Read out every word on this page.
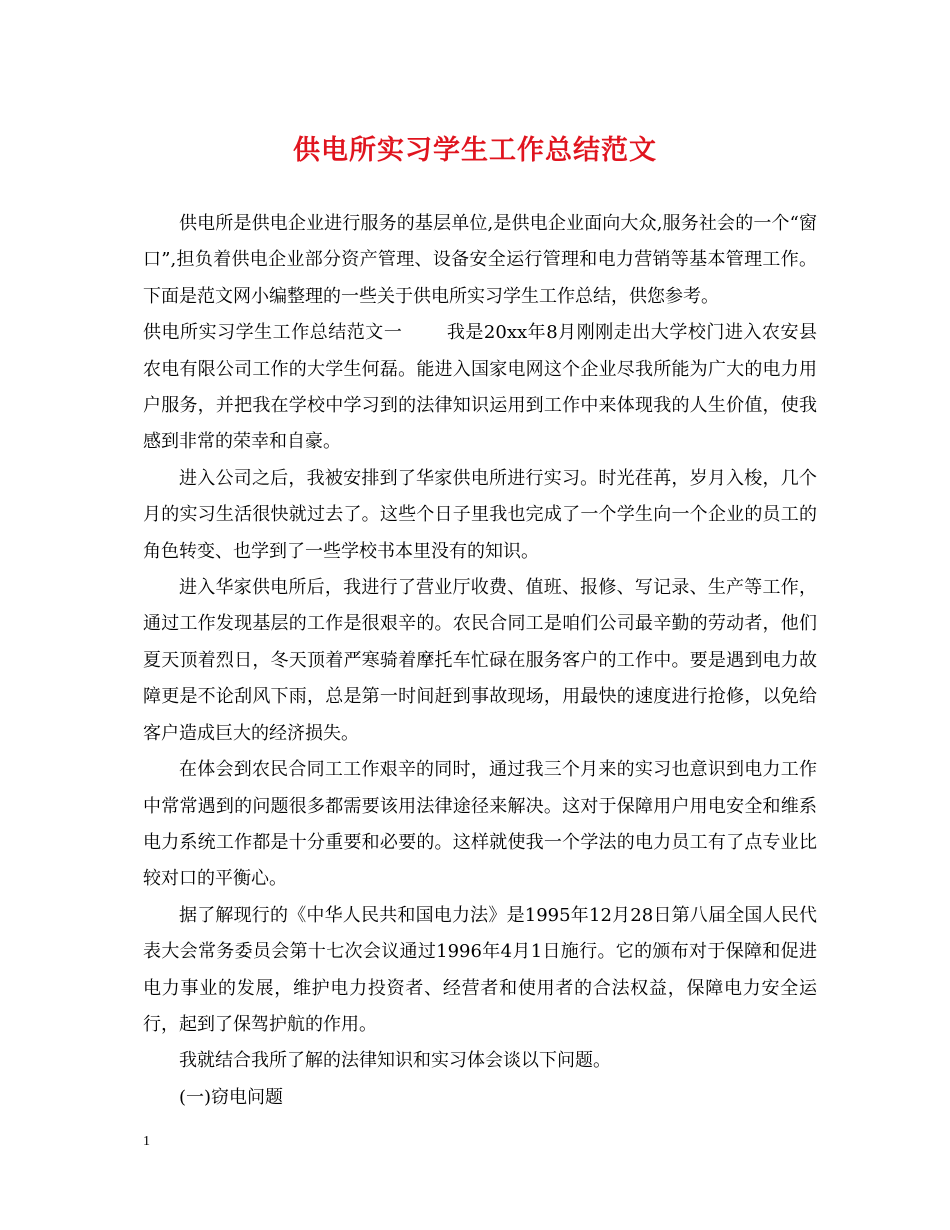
供电所实习学生工作总结范文

供电所是供电企业进行服务的基层单位,是供电企业面向大众,服务社会的一个“窗口”,担负着供电企业部分资产管理、设备安全运行管理和电力营销等基本管理工作。下面是范文网小编整理的一些关于供电所实习学生工作总结，供您参考。

供电所实习学生工作总结范文一 我是20xx年8月刚刚走出大学校门进入农安县农电有限公司工作的大学生何磊。能进入国家电网这个企业尽我所能为广大的电力用户服务，并把我在学校中学习到的法律知识运用到工作中来体现我的人生价值，使我感到非常的荣幸和自豪。

进入公司之后，我被安排到了华家供电所进行实习。时光荏苒，岁月入梭，几个月的实习生活很快就过去了。这些个日子里我也完成了一个学生向一个企业的员工的角色转变、也学到了一些学校书本里没有的知识。

进入华家供电所后，我进行了营业厅收费、值班、报修、写记录、生产等工作，通过工作发现基层的工作是很艰辛的。农民合同工是咱们公司最辛勤的劳动者，他们夏天顶着烈日，冬天顶着严寒骑着摩托车忙碌在服务客户的工作中。要是遇到电力故障更是不论刮风下雨，总是第一时间赶到事故现场，用最快的速度进行抢修，以免给客户造成巨大的经济损失。

在体会到农民合同工工作艰辛的同时，通过我三个月来的实习也意识到电力工作中常常遇到的问题很多都需要该用法律途径来解决。这对于保障用户用电安全和维系电力系统工作都是十分重要和必要的。这样就使我一个学法的电力员工有了点专业比较对口的平衡心。

据了解现行的《中华人民共和国电力法》是1995年12月28日第八届全国人民代表大会常务委员会第十七次会议通过1996年4月1日施行。它的颁布对于保障和促进电力事业的发展，维护电力投资者、经营者和使用者的合法权益，保障电力安全运行，起到了保驾护航的作用。

我就结合我所了解的法律知识和实习体会谈以下问题。

(一)窃电问题

1
